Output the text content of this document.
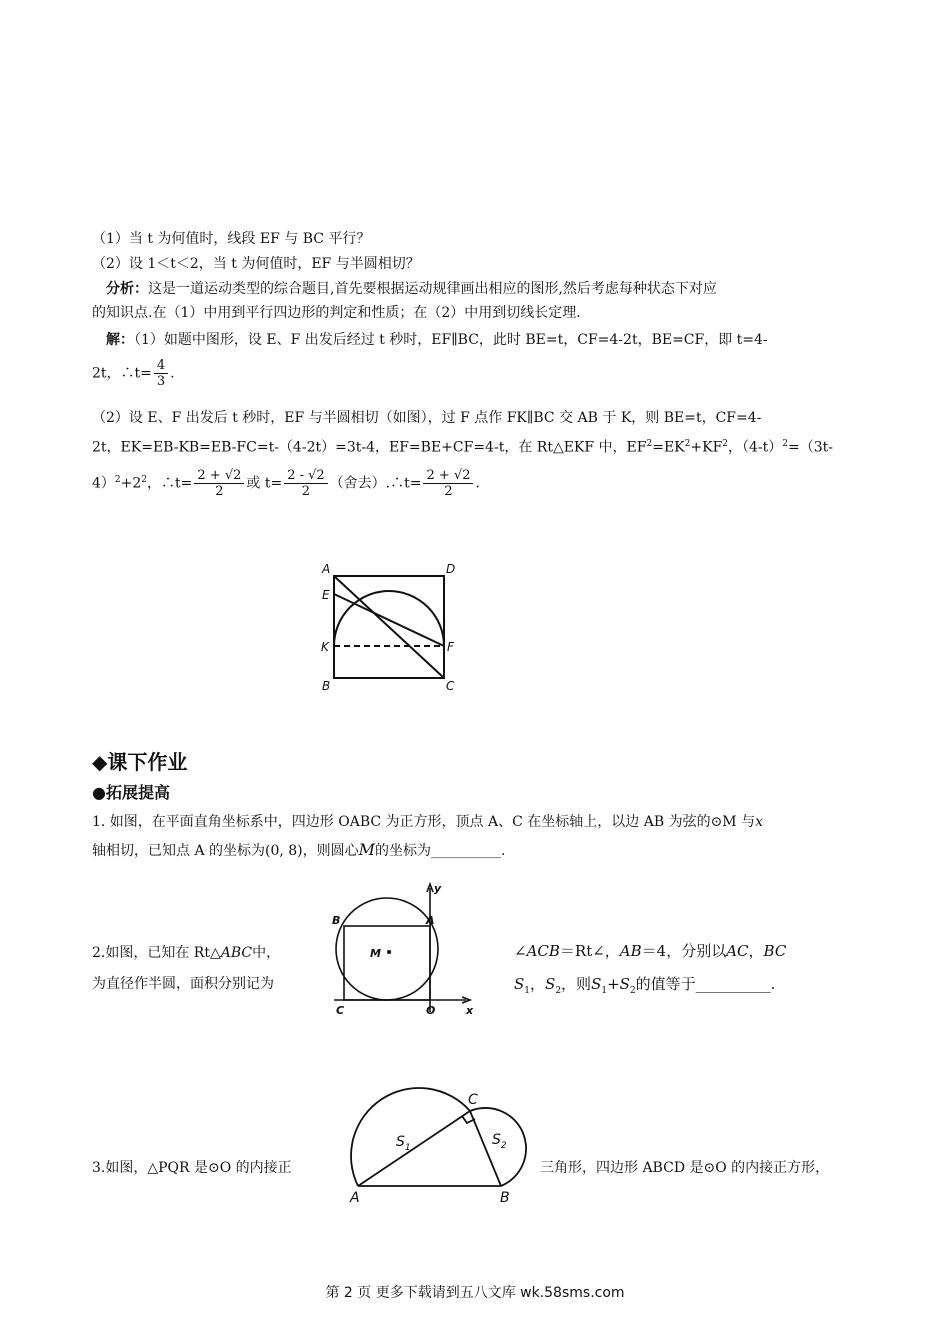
（1）当 t 为何值时，线段 EF 与 BC 平行？
（2）设 1＜t＜2，当 t 为何值时，EF 与半圆相切？
分析：这是一道运动类型的综合题目,首先要根据运动规律画出相应的图形,然后考虑每种状态下对应
的知识点.在（1）中用到平行四边形的判定和性质；在（2）中用到切线长定理.
解：（1）如题中图形，设 E、F 出发后经过 t 秒时，EF∥BC，此时 BE=t，CF=4-2t，BE=CF，即 t=4-
2t，∴t= $\frac{4}{3}$ .
（2）设 E、F 出发后 t 秒时，EF 与半圆相切（如图），过 F 点作 FK∥BC 交 AB 于 K，则 BE=t，CF=4-
2t，EK=EB-KB=EB-FC=t-（4-2t）=3t-4，EF=BE+CF=4-t，在 Rt△EKF 中，$EF^2=EK^2+KF^2$，$(4-t)^2=(3t-$
$4)^2+2^2$，∴t= $\frac{2 + √2}{2}$ 或 $t= \frac{2 - √2}{2}$ （舍去）.∴t= $\frac{2 + √2}{2}$ .
A	D
E
K	F
B	C
◆课下作业
●拓展提高
1. 如图，在平面直角坐标系中，四边形 OABC 为正方形，顶点 A、C 在坐标轴上，以边 AB 为弦的⊙M 与x
轴相切，已知点 A 的坐标为(0, 8)，则圆心M的坐标为__________.
y
B	A
M
C	O	x
2.如图，已知在 Rt△ABC中，	∠ACB＝Rt∠，AB＝4，分别以AC，BC
为直径作半圆，面积分别记为	$S_1$，$S_2$，则$S_1+S_2$的值等于__________.
C
$S_1$	$S_2$
A	B
3.如图，△PQR 是⊙O 的内接正	三角形，四边形 ABCD 是⊙O 的内接正方形，
第 2 页 更多下载请到五八文库 wk.58sms.com
